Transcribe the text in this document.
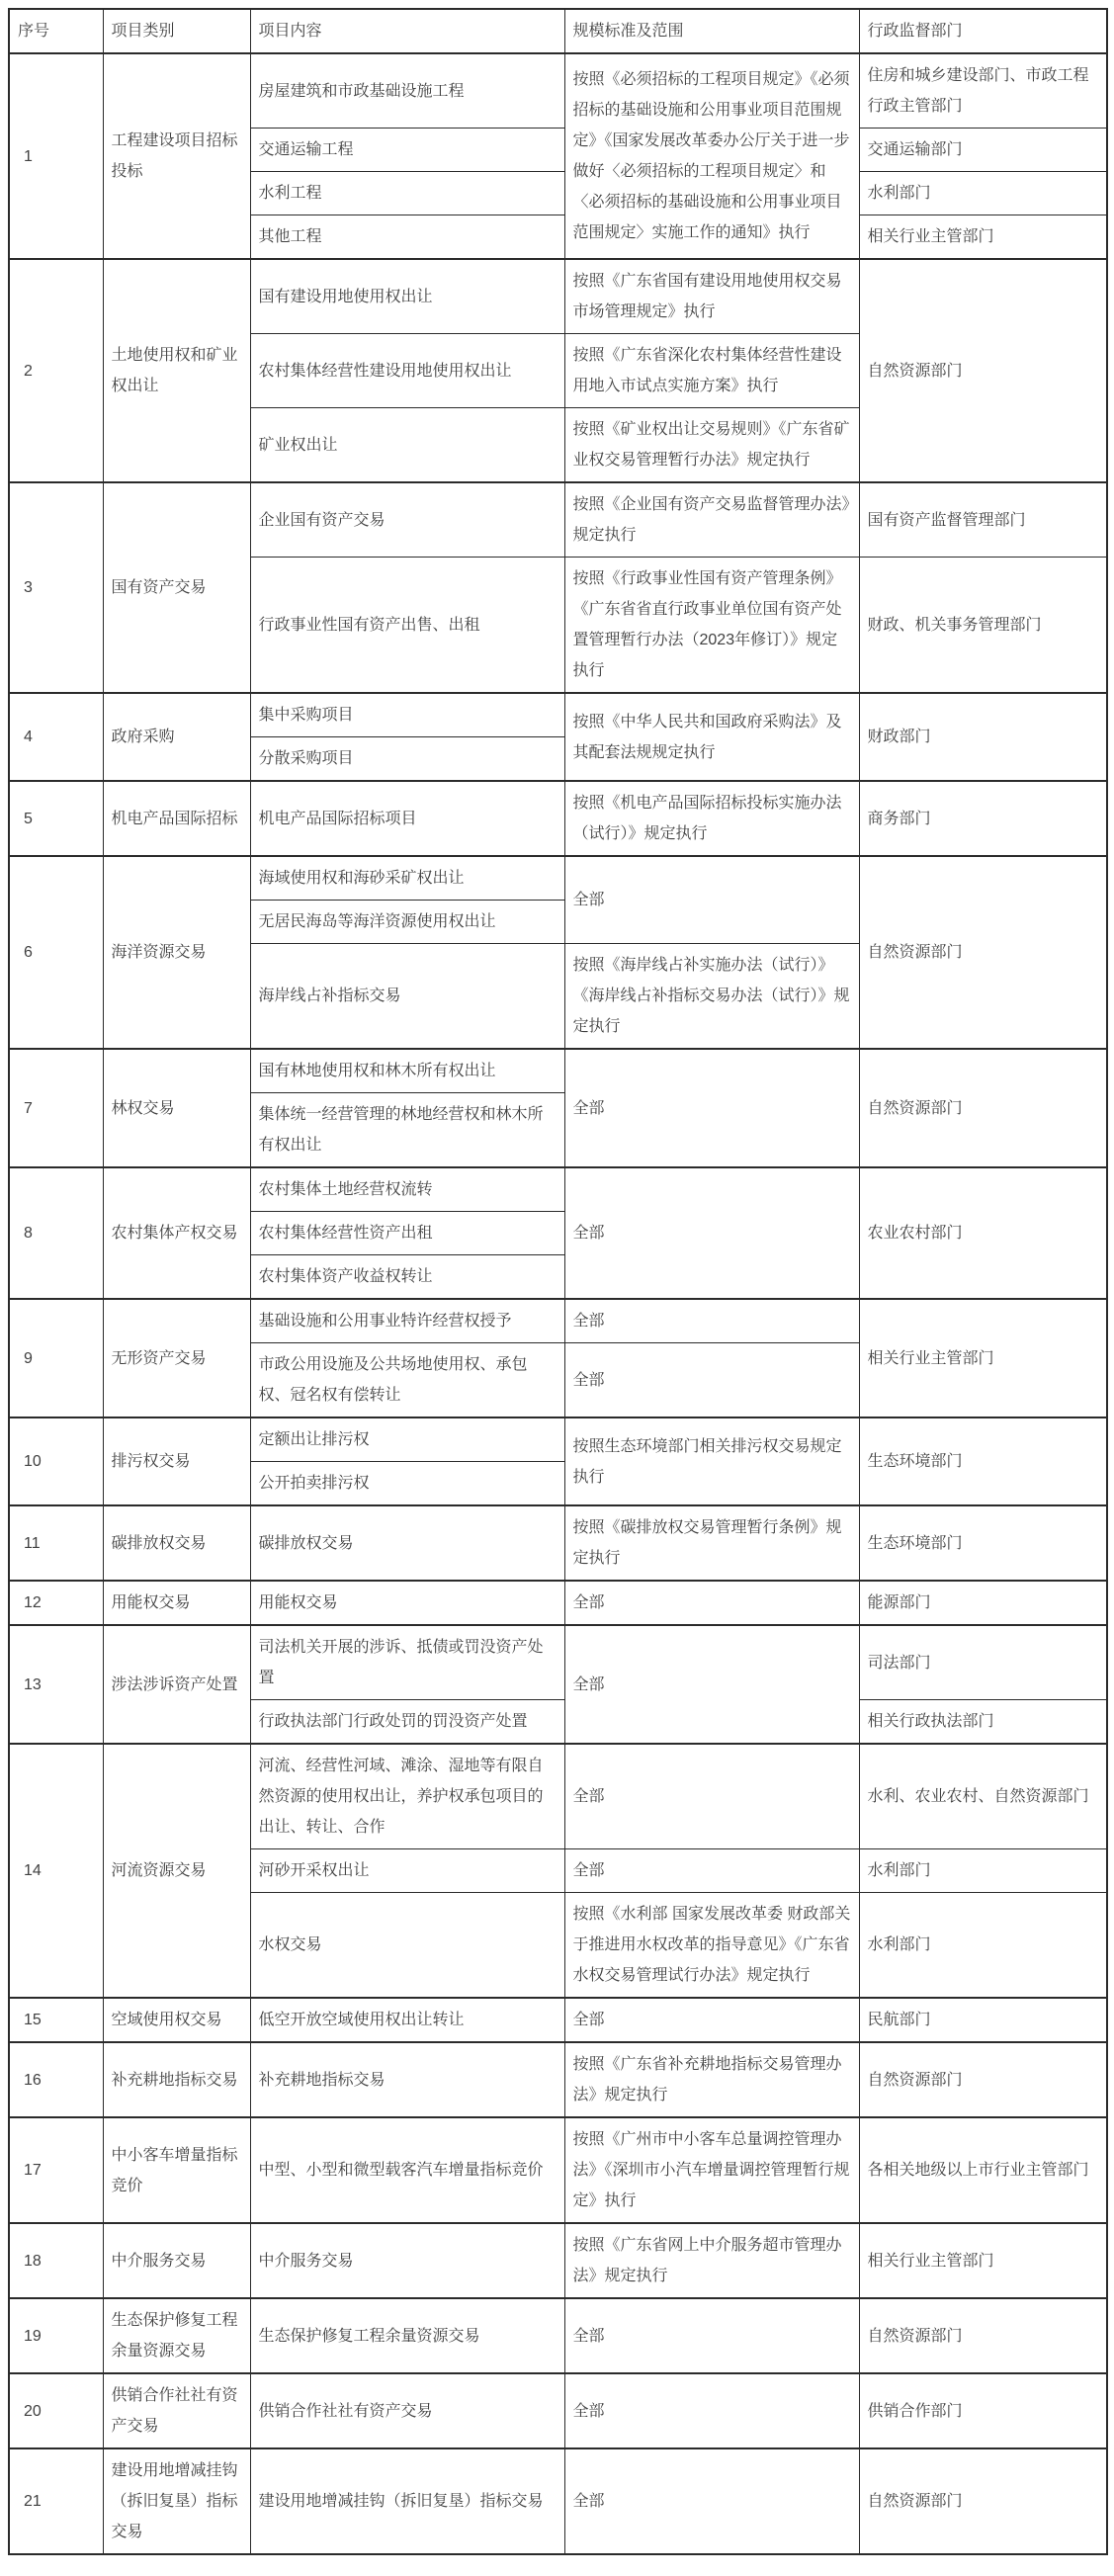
序号	项目类别	项目内容	规模标准及范围	行政监督部门
1	工程建设项目招标投标	房屋建筑和市政基础设施工程	按照《必须招标的工程项目规定》《必须招标的基础设施和公用事业项目范围规定》《国家发展改革委办公厅关于进一步做好〈必须招标的工程项目规定〉和〈必须招标的基础设施和公用事业项目范围规定〉实施工作的通知》执行	住房和城乡建设部门、市政工程行政主管部门
		交通运输工程		交通运输部门
		水利工程		水利部门
		其他工程		相关行业主管部门
2	土地使用权和矿业权出让	国有建设用地使用权出让	按照《广东省国有建设用地使用权交易市场管理规定》执行	自然资源部门
		农村集体经营性建设用地使用权出让	按照《广东省深化农村集体经营性建设用地入市试点实施方案》执行	
		矿业权出让	按照《矿业权出让交易规则》《广东省矿业权交易管理暂行办法》规定执行	
3	国有资产交易	企业国有资产交易	按照《企业国有资产交易监督管理办法》规定执行	国有资产监督管理部门
		行政事业性国有资产出售、出租	按照《行政事业性国有资产管理条例》《广东省省直行政事业单位国有资产处置管理暂行办法（2023年修订）》规定执行	财政、机关事务管理部门
4	政府采购	集中采购项目	按照《中华人民共和国政府采购法》及其配套法规规定执行	财政部门
		分散采购项目		
5	机电产品国际招标	机电产品国际招标项目	按照《机电产品国际招标投标实施办法（试行）》规定执行	商务部门
6	海洋资源交易	海域使用权和海砂采矿权出让	全部	自然资源部门
		无居民海岛等海洋资源使用权出让		
		海岸线占补指标交易	按照《海岸线占补实施办法（试行）》《海岸线占补指标交易办法（试行）》规定执行	
7	林权交易	国有林地使用权和林木所有权出让	全部	自然资源部门
		集体统一经营管理的林地经营权和林木所有权出让		
8	农村集体产权交易	农村集体土地经营权流转	全部	农业农村部门
		农村集体经营性资产出租		
		农村集体资产收益权转让		
9	无形资产交易	基础设施和公用事业特许经营权授予	全部	相关行业主管部门
		市政公用设施及公共场地使用权、承包权、冠名权有偿转让	全部	
10	排污权交易	定额出让排污权	按照生态环境部门相关排污权交易规定执行	生态环境部门
		公开拍卖排污权		
11	碳排放权交易	碳排放权交易	按照《碳排放权交易管理暂行条例》规定执行	生态环境部门
12	用能权交易	用能权交易	全部	能源部门
13	涉法涉诉资产处置	司法机关开展的涉诉、抵债或罚没资产处置	全部	司法部门
		行政执法部门行政处罚的罚没资产处置		相关行政执法部门
14	河流资源交易	河流、经营性河域、滩涂、湿地等有限自然资源的使用权出让，养护权承包项目的出让、转让、合作	全部	水利、农业农村、自然资源部门
		河砂开采权出让	全部	水利部门
		水权交易	按照《水利部 国家发展改革委 财政部关于推进用水权改革的指导意见》《广东省水权交易管理试行办法》规定执行	水利部门
15	空域使用权交易	低空开放空域使用权出让转让	全部	民航部门
16	补充耕地指标交易	补充耕地指标交易	按照《广东省补充耕地指标交易管理办法》规定执行	自然资源部门
17	中小客车增量指标竞价	中型、小型和微型载客汽车增量指标竞价	按照《广州市中小客车总量调控管理办法》《深圳市小汽车增量调控管理暂行规定》执行	各相关地级以上市行业主管部门
18	中介服务交易	中介服务交易	按照《广东省网上中介服务超市管理办法》规定执行	相关行业主管部门
19	生态保护修复工程余量资源交易	生态保护修复工程余量资源交易	全部	自然资源部门
20	供销合作社社有资产交易	供销合作社社有资产交易	全部	供销合作部门
21	建设用地增减挂钩（拆旧复垦）指标交易	建设用地增减挂钩（拆旧复垦）指标交易	全部	自然资源部门
